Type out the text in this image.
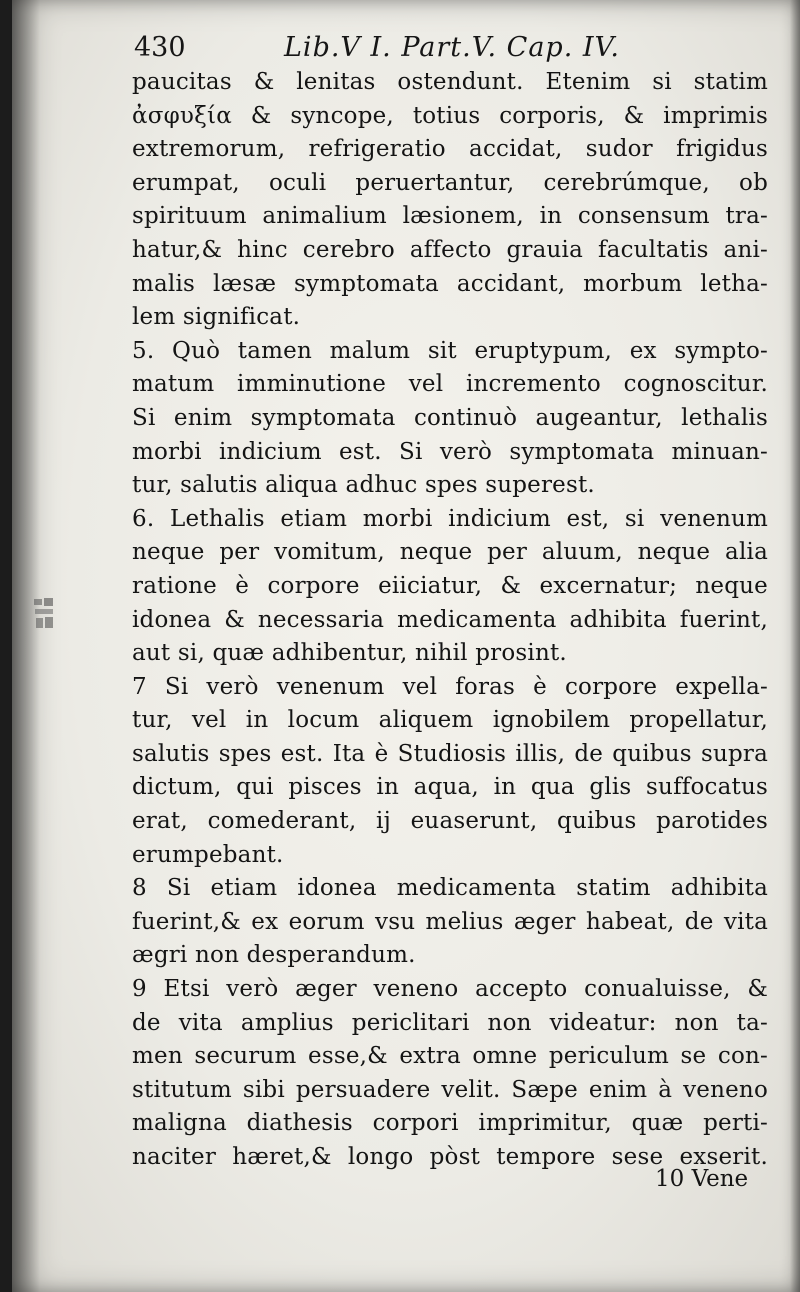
430	Lib.V I. Part.V. Cap. IV.
paucitas & lenitas ostendunt. Etenim si statim
ἀσφυξία & syncope, totius corporis, & imprimis
extremorum, refrigeratio accidat, sudor frigidus
erumpat, oculi peruertantur, cerebrúmque, ob
spirituum animalium læsionem, in consensum tra-
hatur,& hinc cerebro affecto grauia facultatis ani-
malis læsæ symptomata accidant, morbum letha-
lem significat.
5. Quò tamen malum sit eruptурum, ex sympto-
matum imminutione vel incremento cognoscitur.
Si enim symptomata continuò augeantur, lethalis
morbi indicium est. Si verò symptomata minuan-
tur, salutis aliqua adhuc spes superest.
6. Lethalis etiam morbi indicium est, si venenum
neque per vomitum, neque per aluum, neque alia
ratione è corpore eiiciatur, & excernatur; neque
idonea & necessaria medicamenta adhibita fuerint,
aut si, quæ adhibentur, nihil prosint.
7 Si verò venenum vel foras è corpore expella-
tur, vel in locum aliquem ignobilem propellatur,
salutis spes est. Ita è Studiosis illis, de quibus supra
dictum, qui pisces in aqua, in qua glis suffocatus
erat, comederant, ij euaserunt, quibus parotides
erumpebant.
8 Si etiam idonea medicamenta statim adhibita
fuerint,& ex eorum vsu melius æger habeat, de vita
ægri non desperandum.
9 Etsi verò æger veneno accepto conualuisse, &
de vita amplius periclitari non videatur: non ta-
men securum esse,& extra omne periculum se con-
stitutum sibi persuadere velit. Sæpe enim à veneno
maligna diathesis corpori imprimitur, quæ perti-
naciter hæret,& longo pòst tempore sese exserit.
10 Vene
